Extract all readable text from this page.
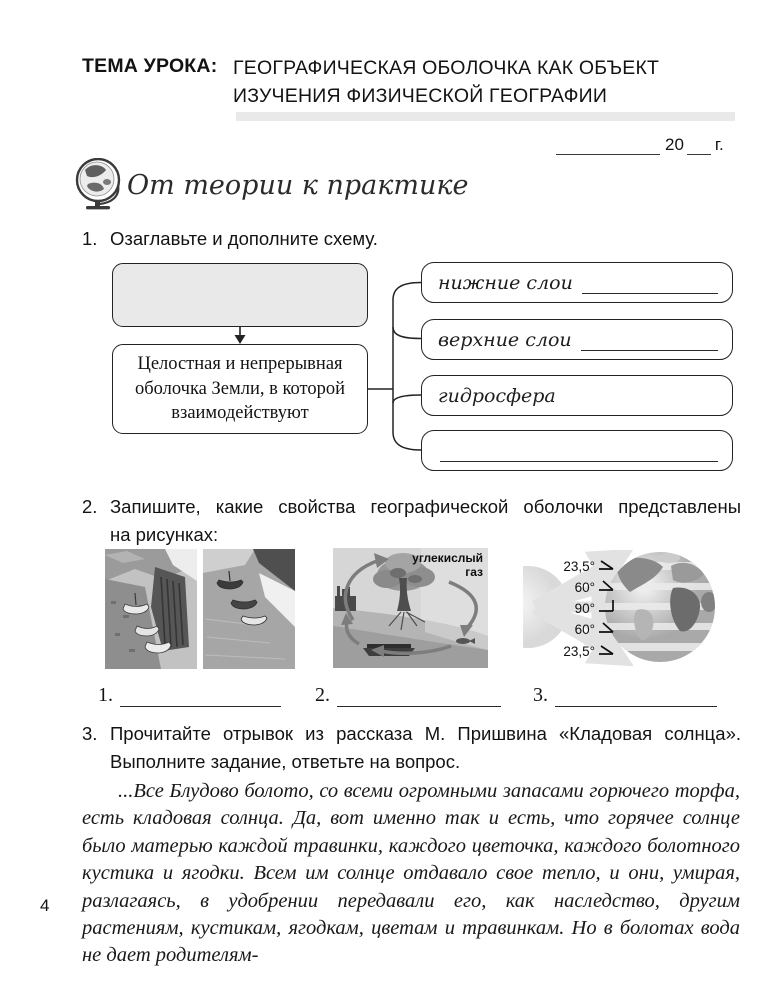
ТЕМА УРОКА: ГЕОГРАФИЧЕСКАЯ ОБОЛОЧКА КАК ОБЪЕКТ
ИЗУЧЕНИЯ ФИЗИЧЕСКОЙ ГЕОГРАФИИ
20 г.
От теории к практике
1. Озаглавьте и дополните схему.
Целостная и непрерывная оболочка Земли, в которой взаимодействуют
нижние слои
верхние слои
гидросфера
2. Запишите, какие свойства географической оболочки представлены
на рисунках:
углекислый
газ	23,5°
60°
90°
60°
23,5°
1.	2.	3.
3. Прочитайте отрывок из рассказа М. Пришвина «Кладовая солнца».
Выполните задание, ответьте на вопрос.
...Все Блудово болото, со всеми огромными запасами горючего торфа, есть кладовая солнца. Да, вот именно так и есть, что горячее солнце было матерью каждой травинки, каждого цветочка, каждого болотного кустика и ягодки. Всем им солнце отдавало свое тепло, и они, умирая, разлагаясь, в удобрении передавали его, как наследство, другим растениям, кустикам, ягодкам, цветам и травинкам. Но в болотах вода не дает родителям-
4
